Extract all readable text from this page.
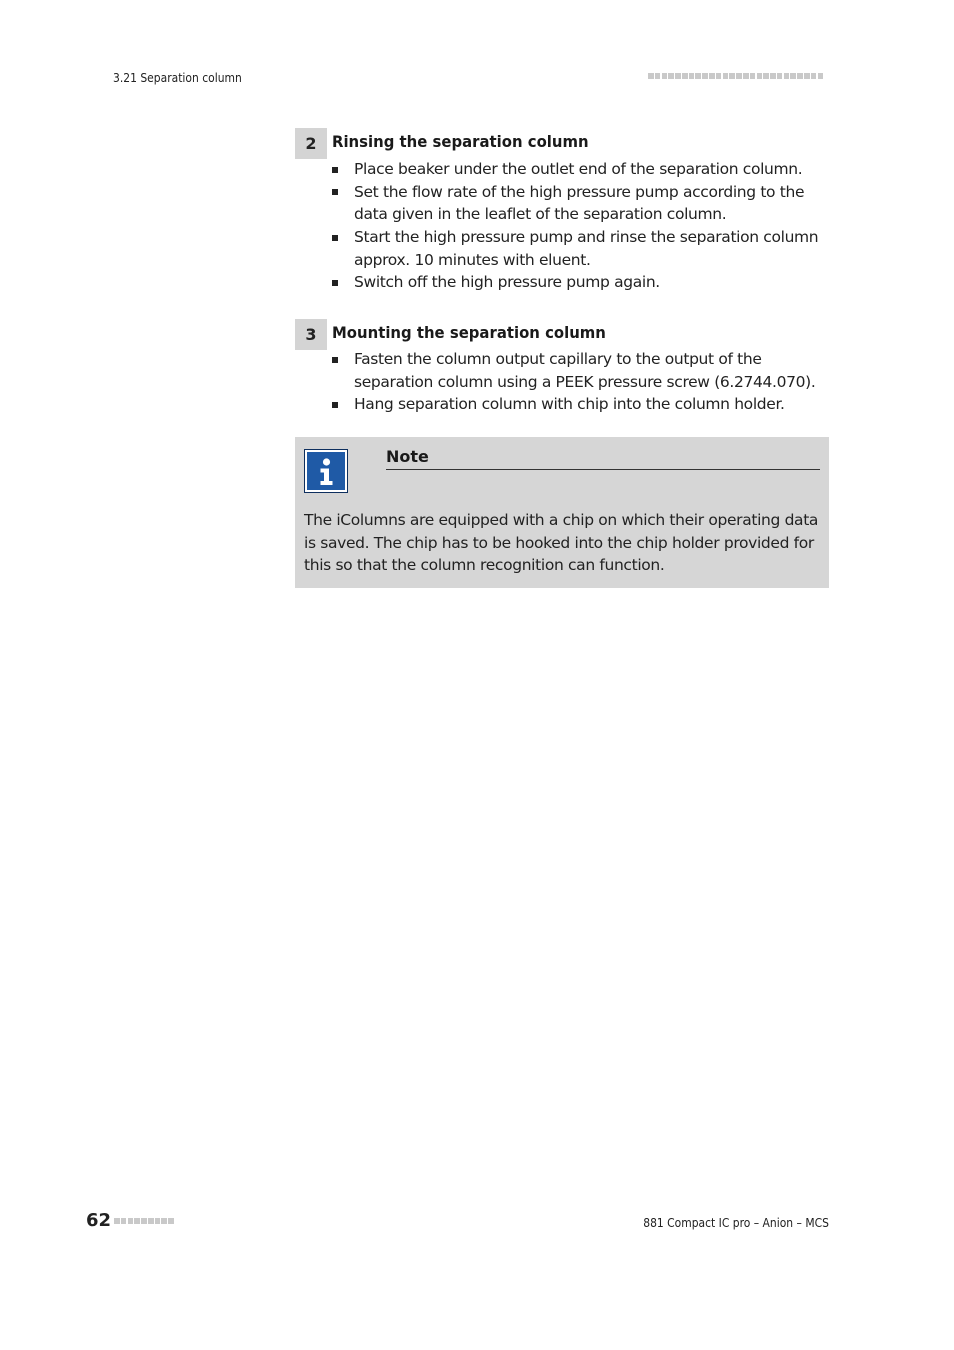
3.21 Separation column
2 Rinsing the separation column
Place beaker under the outlet end of the separation column.
Set the flow rate of the high pressure pump according to the data given in the leaflet of the separation column.
Start the high pressure pump and rinse the separation column approx. 10 minutes with eluent.
Switch off the high pressure pump again.
3 Mounting the separation column
Fasten the column output capillary to the output of the separation column using a PEEK pressure screw (6.2744.070).
Hang separation column with chip into the column holder.
Note
The iColumns are equipped with a chip on which their operating data is saved. The chip has to be hooked into the chip holder provided for this so that the column recognition can function.
62	881 Compact IC pro – Anion – MCS
